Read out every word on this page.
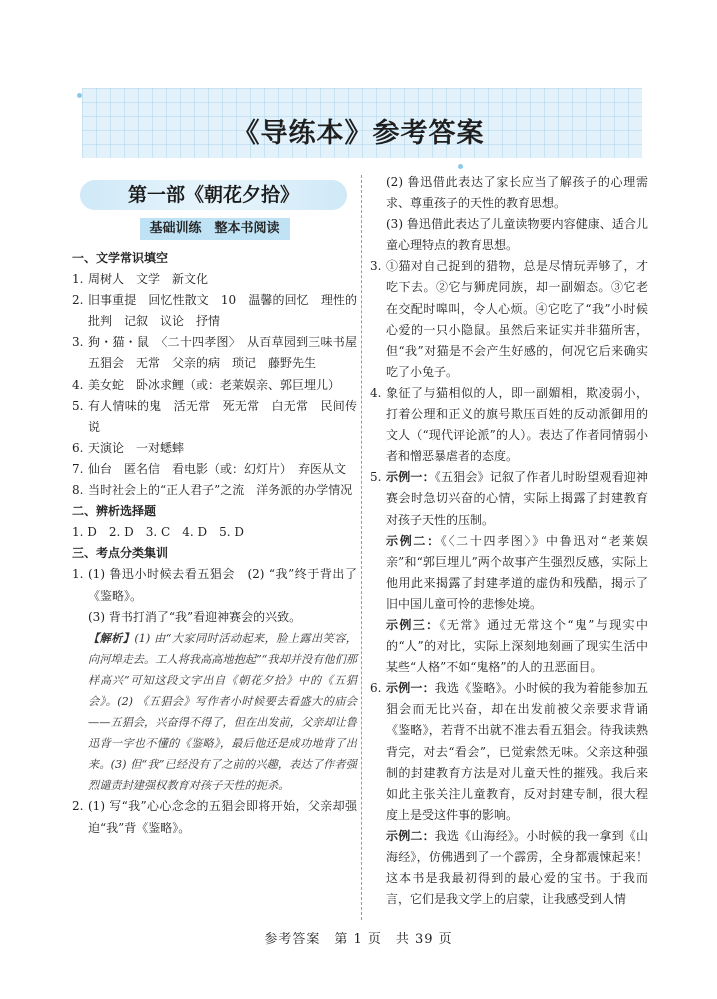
《导练本》参考答案
第一部《朝花夕拾》
基础训练　整本书阅读
一、文学常识填空
1. 周树人　文学　新文化
2. 旧事重提　回忆性散文　10　温馨的回忆　理性的批判　记叙　议论　抒情
3. 狗・猫・鼠　〈二十四孝图〉　从百草园到三味书屋　五猖会　无常　父亲的病　琐记　藤野先生
4. 美女蛇　卧冰求鲤（或：老莱娱亲、郭巨埋儿）
5. 有人情味的鬼　活无常　死无常　白无常　民间传说
6. 天演论　一对蟋蟀
7. 仙台　匿名信　看电影（或：幻灯片）　弃医从文
8. 当时社会上的“正人君子”之流　洋务派的办学情况
二、辨析选择题
1. D　2. D　3. C　4. D　5. D
三、考点分类集训
1. (1) 鲁迅小时候去看五猖会　(2) “我”终于背出了《鉴略》。
(3) 背书打消了“我”看迎神赛会的兴致。
【解析】(1) 由“大家同时活动起来，脸上露出笑容，向河埠走去。工人将我高高地抱起”“我却并没有他们那样高兴”可知这段文字出自《朝花夕拾》中的《五猖会》。(2) 《五猖会》写作者小时候要去看盛大的庙会——五猖会，兴奋得不得了，但在出发前，父亲却让鲁迅背一字也不懂的《鉴略》，最后他还是成功地背了出来。(3) 但“我”已经没有了之前的兴趣，表达了作者强烈谴责封建强权教育对孩子天性的扼杀。
2. (1) 写“我”心心念念的五猖会即将开始，父亲却强迫“我”背《鉴略》。
(2) 鲁迅借此表达了家长应当了解孩子的心理需求、尊重孩子的天性的教育思想。
(3) 鲁迅借此表达了儿童读物要内容健康、适合儿童心理特点的教育思想。
3. ①猫对自己捉到的猎物，总是尽情玩弄够了，才吃下去。②它与狮虎同族，却一副媚态。③它老在交配时嗥叫，令人心烦。④它吃了“我”小时候心爱的一只小隐鼠。虽然后来证实并非猫所害，但“我”对猫是不会产生好感的，何况它后来确实吃了小兔子。
4. 象征了与猫相似的人，即一副媚相，欺凌弱小，打着公理和正义的旗号欺压百姓的反动派御用的文人（“现代评论派”的人）。表达了作者同情弱小者和憎恶暴虐者的态度。
5. 示例一：《五猖会》记叙了作者儿时盼望观看迎神赛会时急切兴奋的心情，实际上揭露了封建教育对孩子天性的压制。
示例二：《〈二十四孝图〉》中鲁迅对“老莱娱亲”和“郭巨埋儿”两个故事产生强烈反感，实际上他用此来揭露了封建孝道的虚伪和残酷，揭示了旧中国儿童可怜的悲惨处境。
示例三：《无常》通过无常这个“鬼”与现实中的“人”的对比，实际上深刻地刻画了现实生活中某些“人格”不如“鬼格”的人的丑恶面目。
6. 示例一：我选《鉴略》。小时候的我为着能参加五猖会而无比兴奋，却在出发前被父亲要求背诵《鉴略》，若背不出就不准去看五猖会。待我读熟背完，对去“看会”，已觉索然无味。父亲这种强制的封建教育方法是对儿童天性的摧残。我后来如此主张关注儿童教育，反对封建专制，很大程度上是受这件事的影响。
示例二：我选《山海经》。小时候的我一拿到《山海经》，仿佛遇到了一个霹雳，全身都震悚起来！这本书是我最初得到的最心爱的宝书。于我而言，它们是我文学上的启蒙，让我感受到人情
参考答案　第 1 页　共 39 页
